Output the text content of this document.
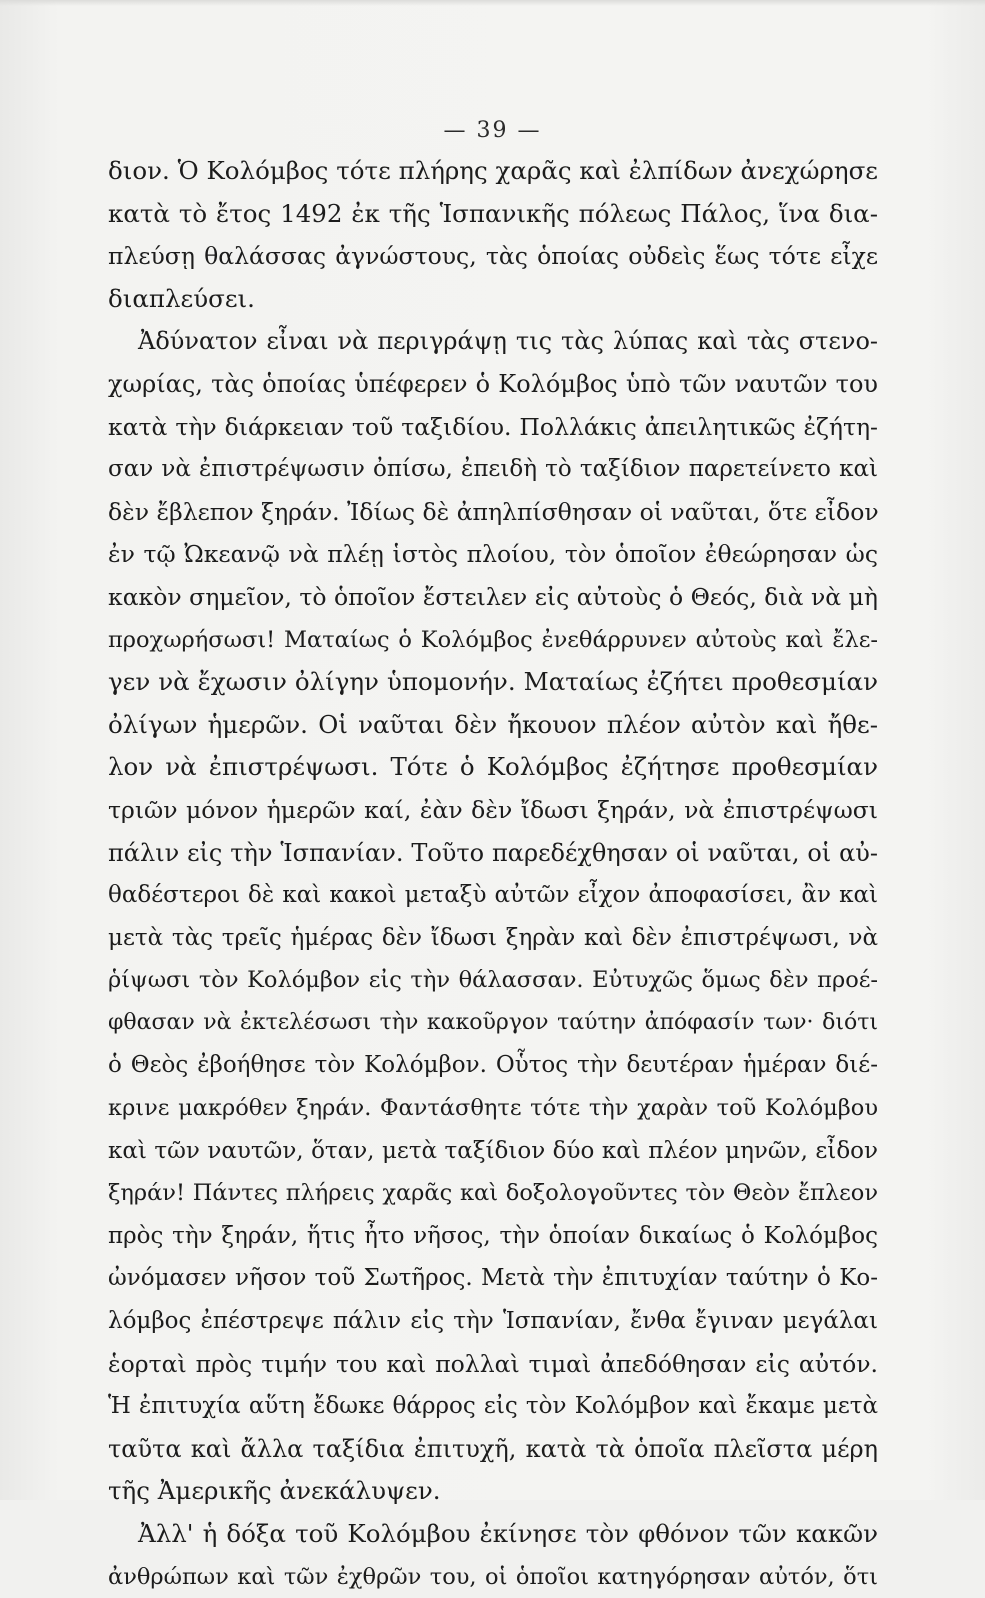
— 39 —
διον. Ὁ Κολόμβος τότε πλήρης χαρᾶς καὶ ἐλπίδων ἀνεχώρησε
κατὰ τὸ ἔτος 1492 ἐκ τῆς Ἱσπανικῆς πόλεως Πάλος, ἵνα δια-
πλεύσῃ θαλάσσας ἀγνώστους, τὰς ὁποίας οὐδεὶς ἕως τότε εἶχε
διαπλεύσει.
Ἀδύνατον εἶναι νὰ περιγράψῃ τις τὰς λύπας καὶ τὰς στενο-
χωρίας, τὰς ὁποίας ὑπέφερεν ὁ Κολόμβος ὑπὸ τῶν ναυτῶν του
κατὰ τὴν διάρκειαν τοῦ ταξιδίου. Πολλάκις ἀπειλητικῶς ἐζήτη-
σαν νὰ ἐπιστρέψωσιν ὀπίσω, ἐπειδὴ τὸ ταξίδιον παρετείνετο καὶ
δὲν ἔβλεπον ξηράν. Ἰδίως δὲ ἀπηλπίσθησαν οἱ ναῦται, ὅτε εἶδον
ἐν τῷ Ὠκεανῷ νὰ πλέῃ ἱστὸς πλοίου, τὸν ὁποῖον ἐθεώρησαν ὡς
κακὸν σημεῖον, τὸ ὁποῖον ἔστειλεν εἰς αὐτοὺς ὁ Θεός, διὰ νὰ μὴ
προχωρήσωσι! Ματαίως ὁ Κολόμβος ἐνεθάρρυνεν αὐτοὺς καὶ ἔλε-
γεν νὰ ἔχωσιν ὀλίγην ὑπομονήν. Ματαίως ἐζήτει προθεσμίαν
ὀλίγων ἡμερῶν. Οἱ ναῦται δὲν ἤκουον πλέον αὐτὸν καὶ ἤθε-
λον νὰ ἐπιστρέψωσι. Τότε ὁ Κολόμβος ἐζήτησε προθεσμίαν
τριῶν μόνον ἡμερῶν καί, ἐὰν δὲν ἴδωσι ξηράν, νὰ ἐπιστρέψωσι
πάλιν εἰς τὴν Ἱσπανίαν. Τοῦτο παρεδέχθησαν οἱ ναῦται, οἱ αὐ-
θαδέστεροι δὲ καὶ κακοὶ μεταξὺ αὐτῶν εἶχον ἀποφασίσει, ἂν καὶ
μετὰ τὰς τρεῖς ἡμέρας δὲν ἴδωσι ξηρὰν καὶ δὲν ἐπιστρέψωσι, νὰ
ῥίψωσι τὸν Κολόμβον εἰς τὴν θάλασσαν. Εὐτυχῶς ὅμως δὲν προέ-
φθασαν νὰ ἐκτελέσωσι τὴν κακοῦργον ταύτην ἀπόφασίν των· διότι
ὁ Θεὸς ἐβοήθησε τὸν Κολόμβον. Οὗτος τὴν δευτέραν ἡμέραν διέ-
κρινε μακρόθεν ξηράν. Φαντάσθητε τότε τὴν χαρὰν τοῦ Κολόμβου
καὶ τῶν ναυτῶν, ὅταν, μετὰ ταξίδιον δύο καὶ πλέον μηνῶν, εἶδον
ξηράν! Πάντες πλήρεις χαρᾶς καὶ δοξολογοῦντες τὸν Θεὸν ἔπλεον
πρὸς τὴν ξηράν, ἥτις ἦτο νῆσος, τὴν ὁποίαν δικαίως ὁ Κολόμβος
ὠνόμασεν νῆσον τοῦ Σωτῆρος. Μετὰ τὴν ἐπιτυχίαν ταύτην ὁ Κο-
λόμβος ἐπέστρεψε πάλιν εἰς τὴν Ἱσπανίαν, ἔνθα ἔγιναν μεγάλαι
ἑορταὶ πρὸς τιμήν του καὶ πολλαὶ τιμαὶ ἀπεδόθησαν εἰς αὐτόν.
Ἡ ἐπιτυχία αὕτη ἔδωκε θάρρος εἰς τὸν Κολόμβον καὶ ἔκαμε μετὰ
ταῦτα καὶ ἄλλα ταξίδια ἐπιτυχῆ, κατὰ τὰ ὁποῖα πλεῖστα μέρη
τῆς Ἀμερικῆς ἀνεκάλυψεν.
Ἀλλ' ἡ δόξα τοῦ Κολόμβου ἐκίνησε τὸν φθόνον τῶν κακῶν
ἀνθρώπων καὶ τῶν ἐχθρῶν του, οἱ ὁποῖοι κατηγόρησαν αὐτόν, ὅτι
